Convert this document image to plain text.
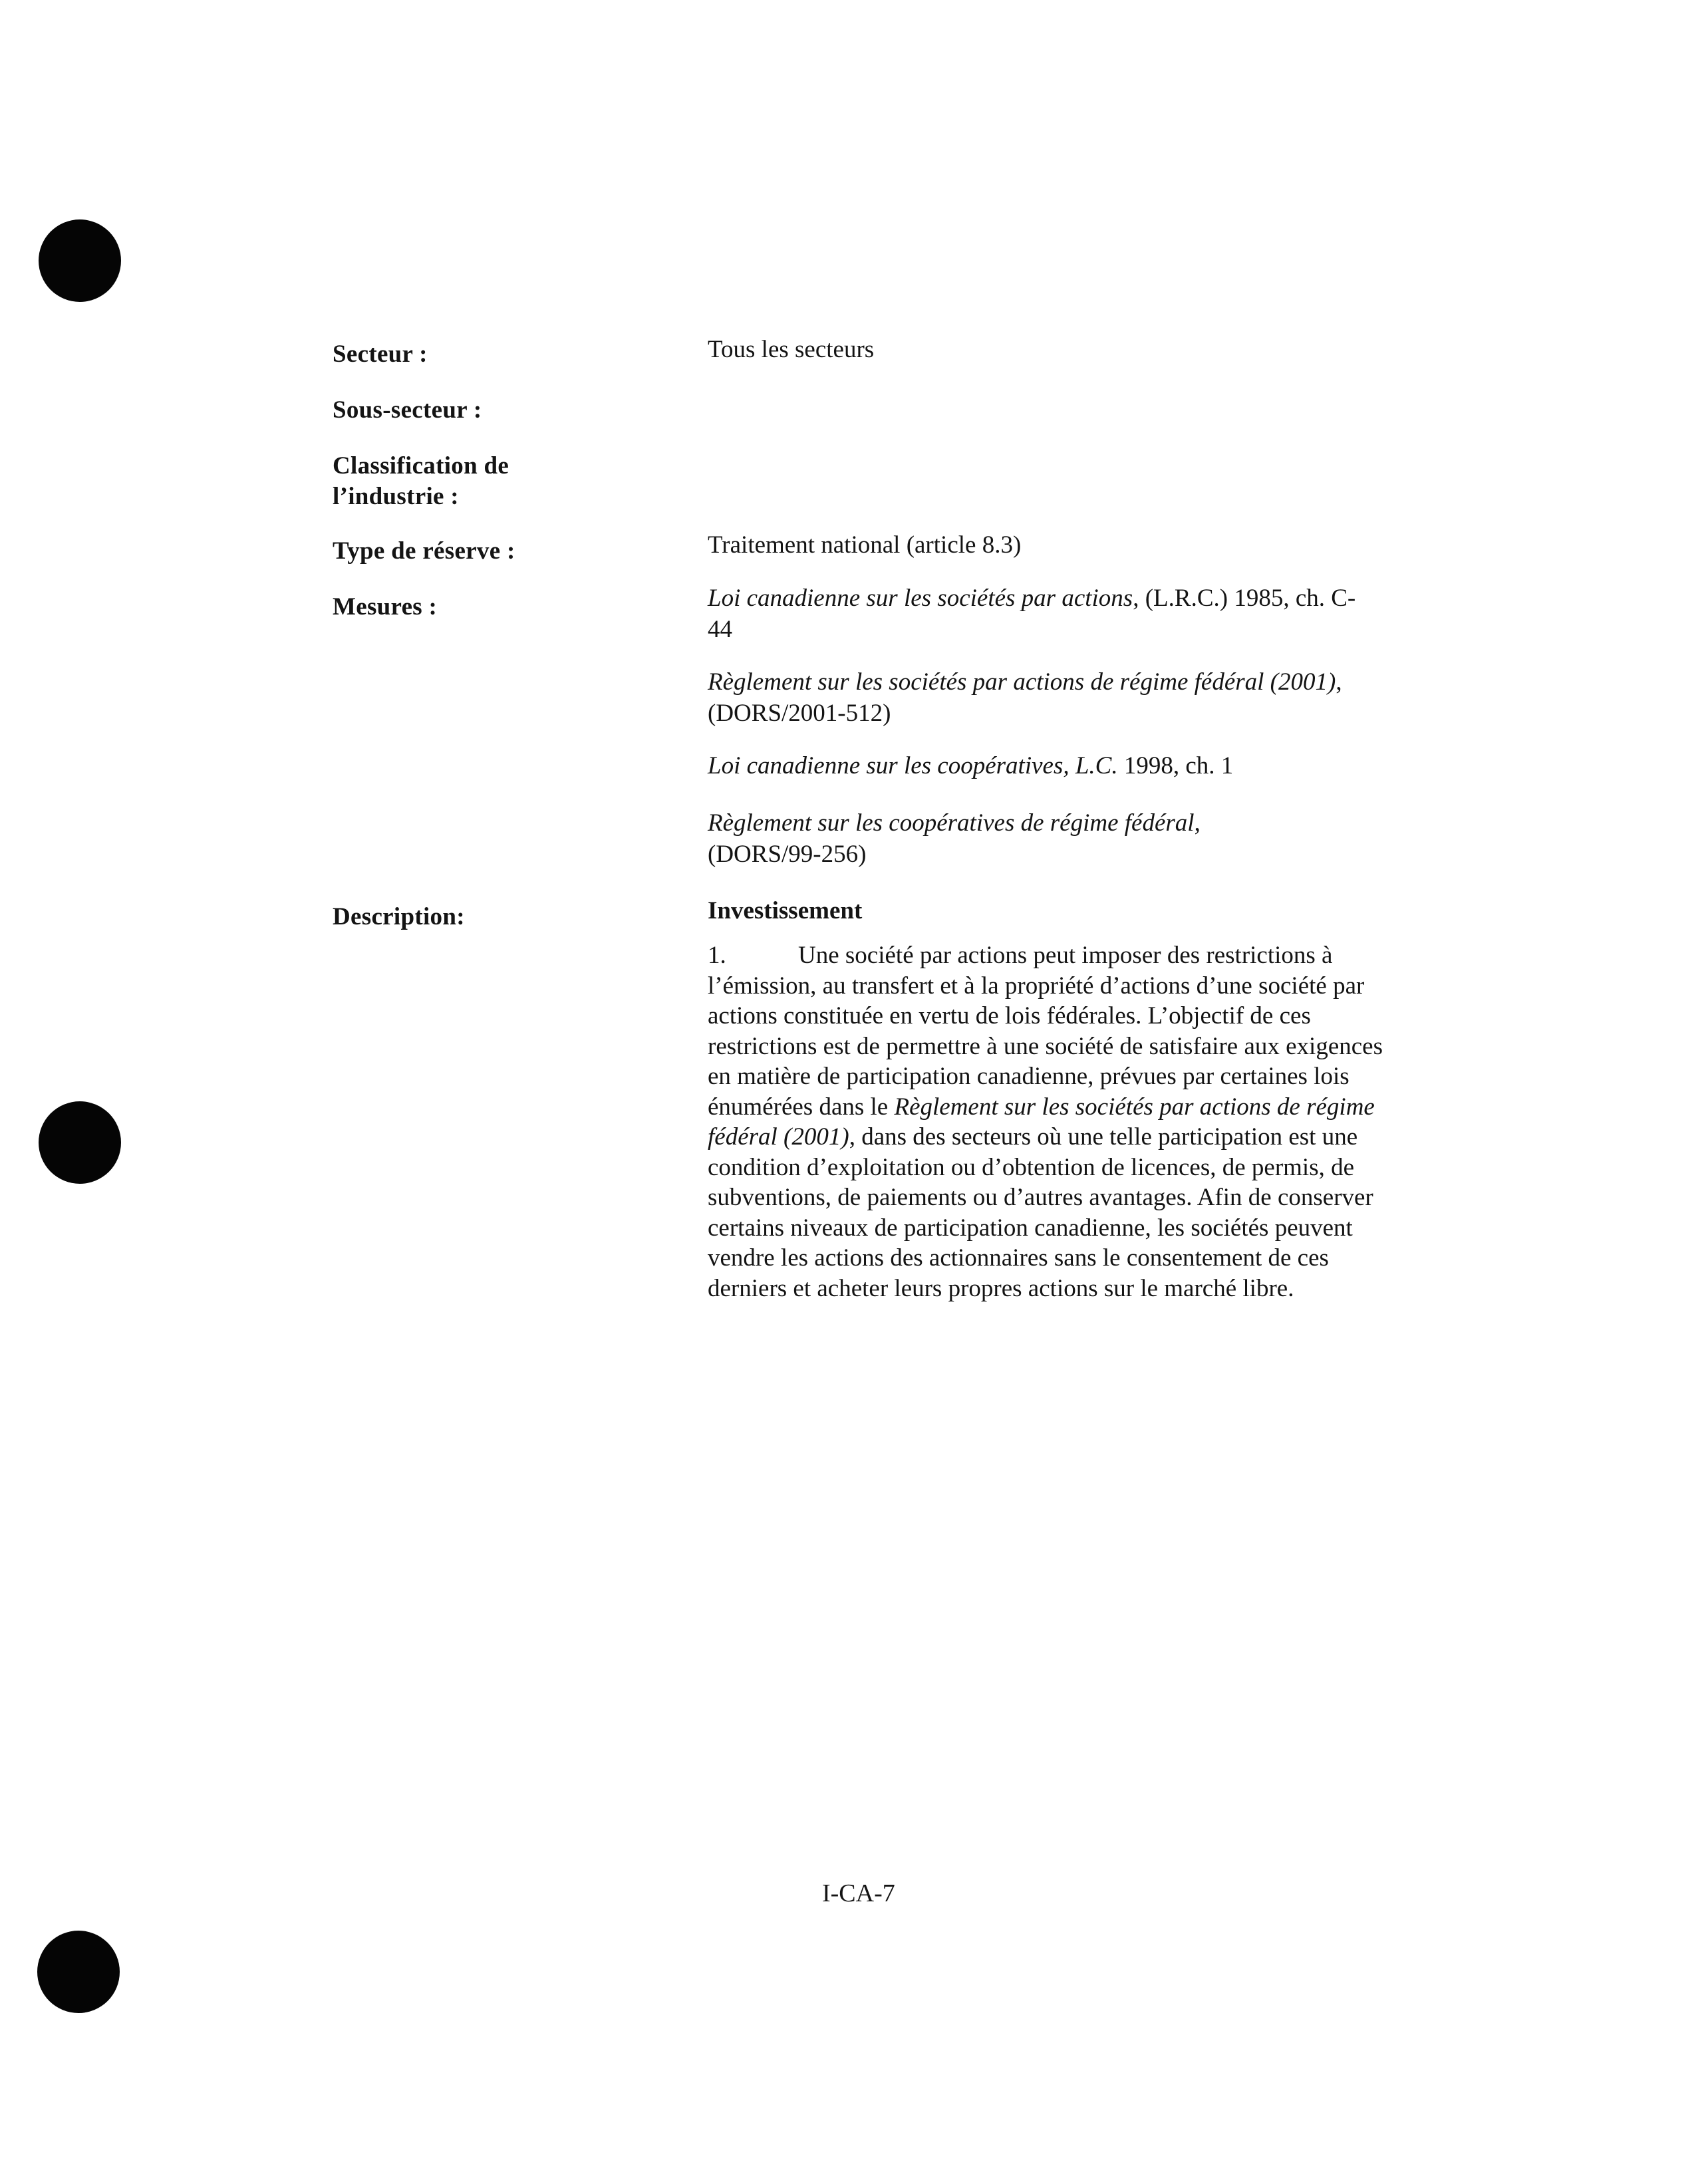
Secteur :	Tous les secteurs
Sous-secteur :
Classification de
l’industrie :
Type de réserve :	Traitement national (article 8.3)
Mesures :	Loi canadienne sur les sociétés par actions, (L.R.C.) 1985, ch. C-44
Règlement sur les sociétés par actions de régime fédéral (2001), (DORS/2001-512)
Loi canadienne sur les coopératives, L.C. 1998, ch. 1
Règlement sur les coopératives de régime fédéral, (DORS/99-256)
Description:	Investissement
1.	Une société par actions peut imposer des restrictions à l’émission, au transfert et à la propriété d’actions d’une société par actions constituée en vertu de lois fédérales. L’objectif de ces restrictions est de permettre à une société de satisfaire aux exigences en matière de participation canadienne, prévues par certaines lois énumérées dans le Règlement sur les sociétés par actions de régime fédéral (2001), dans des secteurs où une telle participation est une condition d’exploitation ou d’obtention de licences, de permis, de subventions, de paiements ou d’autres avantages. Afin de conserver certains niveaux de participation canadienne, les sociétés peuvent vendre les actions des actionnaires sans le consentement de ces derniers et acheter leurs propres actions sur le marché libre.
I-CA-7
